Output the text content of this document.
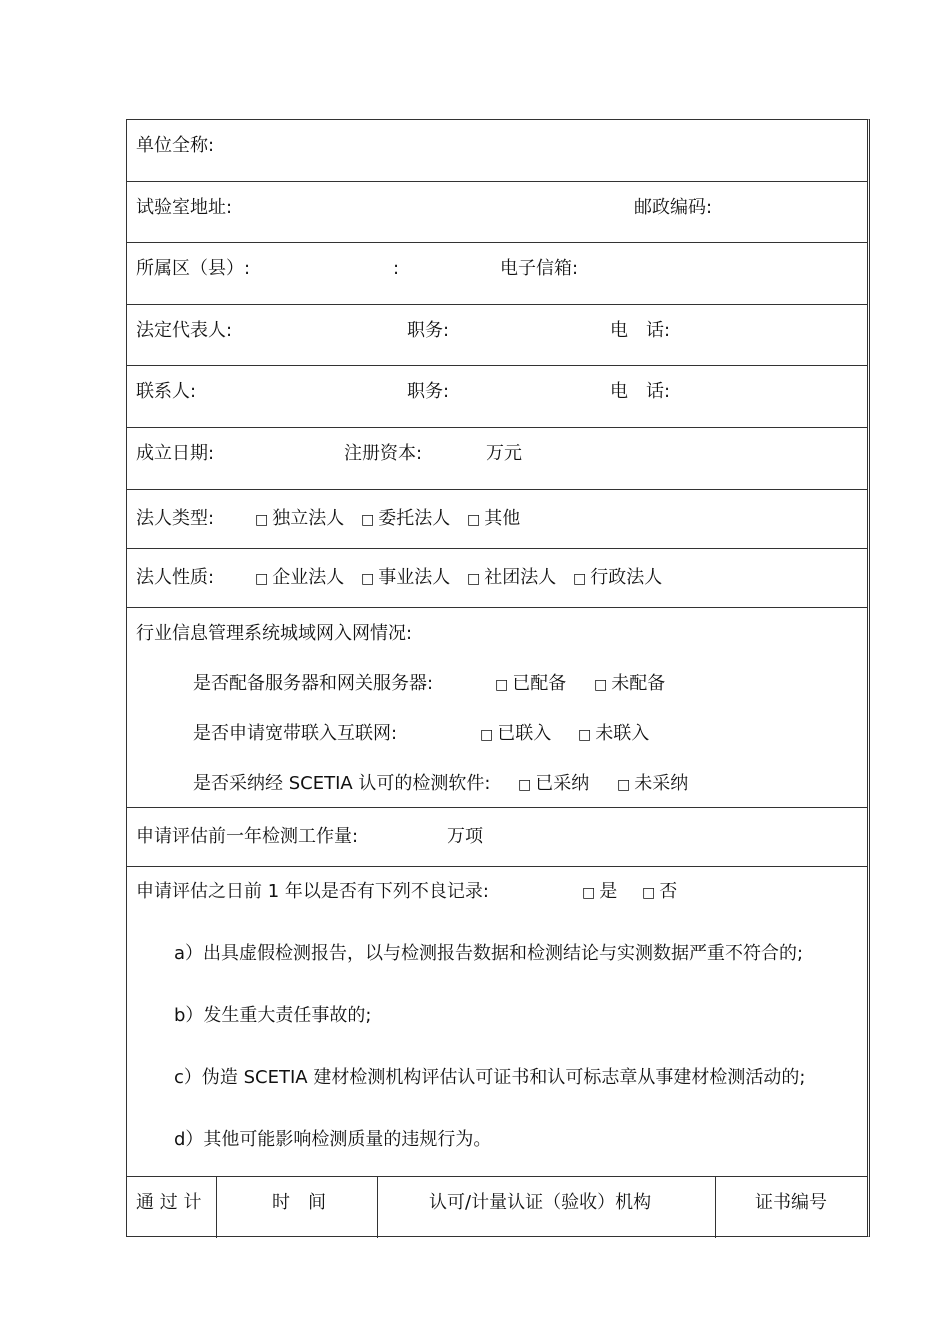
单位全称:
试验室地址:	邮政编码:
所属区（县）:	:	电子信箱:
法定代表人:	职务:	电　话:
联系人:	职务:	电　话:
成立日期:	注册资本:	万元
法人类型:	□ 独立法人 □ 委托法人 □ 其他
法人性质:	□ 企业法人 □ 事业法人 □ 社团法人 □ 行政法人
行业信息管理系统城域网入网情况:
是否配备服务器和网关服务器:	□ 已配备 □ 未配备
是否申请宽带联入互联网:	□ 已联入 □ 未联入
是否采纳经 SCETIA 认可的检测软件: □ 已采纳 □ 未采纳
申请评估前一年检测工作量:	万项
申请评估之日前 1 年以是否有下列不良记录:	□ 是 □ 否
a）出具虚假检测报告，以与检测报告数据和检测结论与实测数据严重不符合的;
b）发生重大责任事故的;
c）伪造 SCETIA 建材检测机构评估认可证书和认可标志章从事建材检测活动的;
d）其他可能影响检测质量的违规行为。
通 过 计	时　间	认可/计量认证（验收）机构	证书编号
